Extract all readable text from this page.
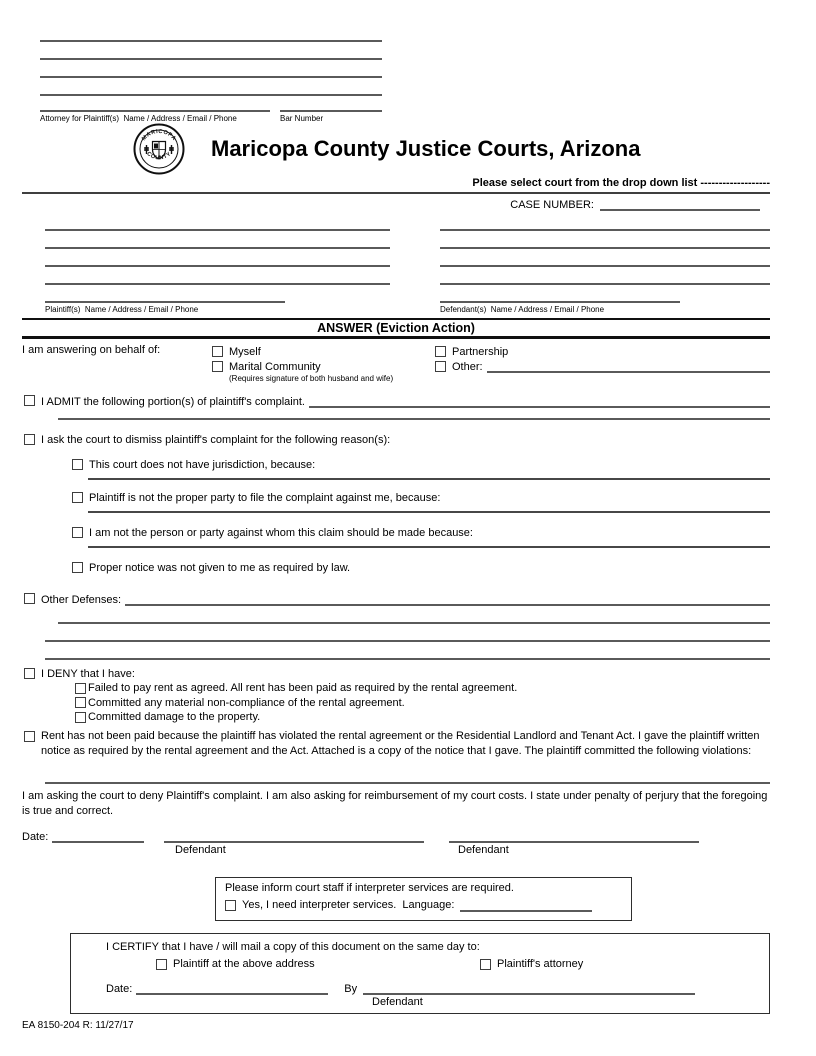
Attorney for Plaintiff(s)  Name / Address / Email / Phone	Bar Number
MARICOPA
COUNTY Maricopa County Justice Courts, Arizona
Please select court from the drop down list -------------------
CASE NUMBER:
Plaintiff(s)  Name / Address / Email / Phone	Defendant(s)  Name / Address / Email / Phone
ANSWER (Eviction Action)
I am answering on behalf of:	Myself
Marital Community
(Requires signature of both husband and wife)
Partnership
Other:
I ADMIT the following portion(s) of plaintiff's complaint.
I ask the court to dismiss plaintiff's complaint for the following reason(s):
This court does not have jurisdiction, because:
Plaintiff is not the proper party to file the complaint against me, because:
I am not the person or party against whom this claim should be made because:
Proper notice was not given to me as required by law.
Other Defenses:
I DENY that I have:
Failed to pay rent as agreed. All rent has been paid as required by the rental agreement.
Committed any material non-compliance of the rental agreement.
Committed damage to the property.
Rent has not been paid because the plaintiff has violated the rental agreement or the Residential Landlord and Tenant Act. I gave the plaintiff written notice as required by the rental agreement and the Act. Attached is a copy of the notice that I gave. The plaintiff committed the following violations:
I am asking the court to deny Plaintiff's complaint. I am also asking for reimbursement of my court costs. I state under penalty of perjury that the foregoing is true and correct.
Date:
Defendant	Defendant
Please inform court staff if interpreter services are required.
Yes, I need interpreter services.  Language:
I CERTIFY that I have / will mail a copy of this document on the same day to:
Plaintiff at the above address	Plaintiff's attorney
Date:	By
Defendant
EA 8150-204 R: 11/27/17
